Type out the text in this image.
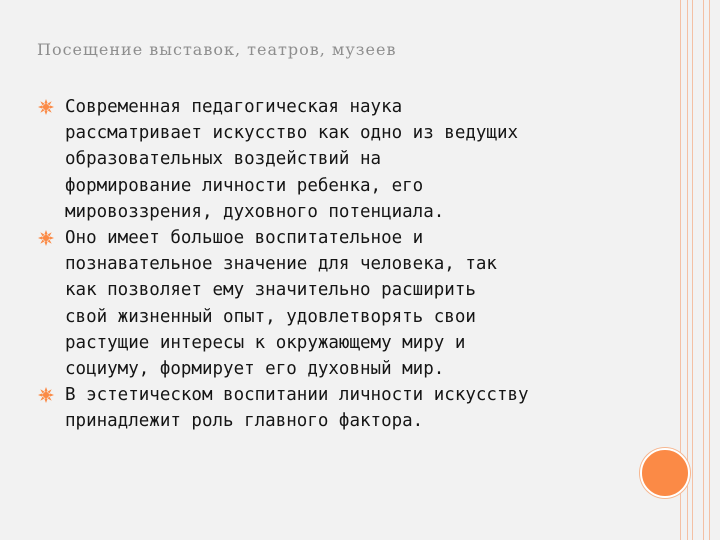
Посещение выставок, театров, музеев
Современная педагогическая наука
рассматривает искусство как одно из ведущих
образовательных воздействий на
формирование личности ребенка, его
мировоззрения, духовного потенциала.
Оно имеет большое воспитательное и
познавательное значение для человека, так
как позволяет ему значительно расширить
свой жизненный опыт, удовлетворять свои
растущие интересы к окружающему миру и
социуму, формирует его духовный мир.
В эстетическом воспитании личности искусству
принадлежит роль главного фактора.
